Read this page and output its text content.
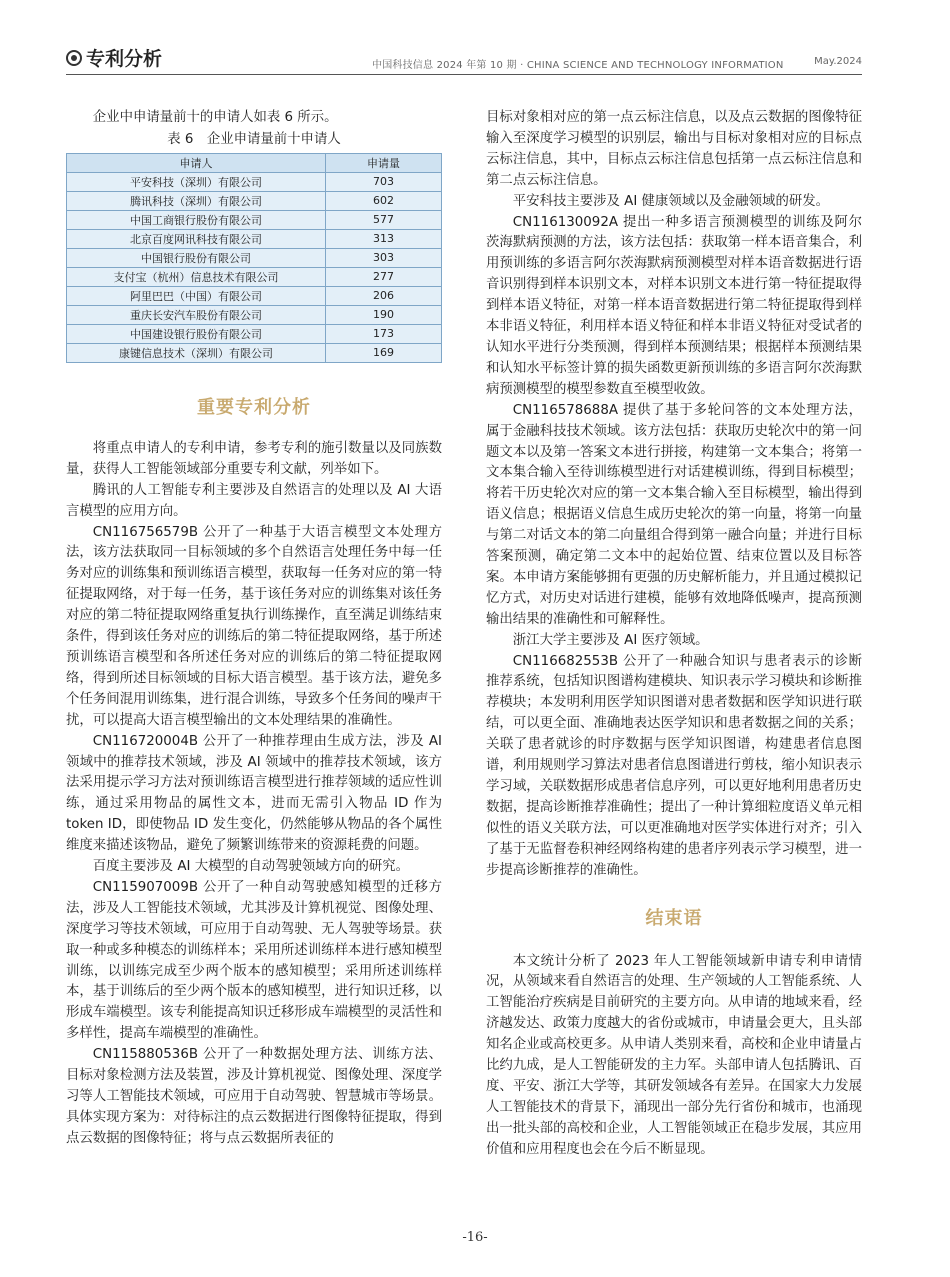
专利分析	中国科技信息 2024 年第 10 期 · CHINA SCIENCE AND TECHNOLOGY INFORMATION	May.2024

企业中申请量前十的申请人如表 6 所示。

表 6　企业申请量前十申请人
申请人	申请量
平安科技（深圳）有限公司	703
腾讯科技（深圳）有限公司	602
中国工商银行股份有限公司	577
北京百度网讯科技有限公司	313
中国银行股份有限公司	303
支付宝（杭州）信息技术有限公司	277
阿里巴巴（中国）有限公司	206
重庆长安汽车股份有限公司	190
中国建设银行股份有限公司	173
康键信息技术（深圳）有限公司	169
重要专利分析

将重点申请人的专利申请，参考专利的施引数量以及同族数量，获得人工智能领域部分重要专利文献，列举如下。

腾讯的人工智能专利主要涉及自然语言的处理以及 AI 大语言模型的应用方向。

CN116756579B 公开了一种基于大语言模型文本处理方法，该方法获取同一目标领域的多个自然语言处理任务中每一任务对应的训练集和预训练语言模型，获取每一任务对应的第一特征提取网络，对于每一任务，基于该任务对应的训练集对该任务对应的第二特征提取网络重复执行训练操作，直至满足训练结束条件，得到该任务对应的训练后的第二特征提取网络，基于所述预训练语言模型和各所述任务对应的训练后的第二特征提取网络，得到所述目标领域的目标大语言模型。基于该方法，避免多个任务间混用训练集，进行混合训练，导致多个任务间的噪声干扰，可以提高大语言模型输出的文本处理结果的准确性。

CN116720004B 公开了一种推荐理由生成方法，涉及 AI 领域中的推荐技术领域，涉及 AI 领域中的推荐技术领域，该方法采用提示学习方法对预训练语言模型进行推荐领域的适应性训练，通过采用物品的属性文本，进而无需引入物品 ID 作为 token ID，即使物品 ID 发生变化，仍然能够从物品的各个属性维度来描述该物品，避免了频繁训练带来的资源耗费的问题。

百度主要涉及 AI 大模型的自动驾驶领域方向的研究。

CN115907009B 公开了一种自动驾驶感知模型的迁移方法，涉及人工智能技术领域，尤其涉及计算机视觉、图像处理、深度学习等技术领域，可应用于自动驾驶、无人驾驶等场景。获取一种或多种模态的训练样本；采用所述训练样本进行感知模型训练，以训练完成至少两个版本的感知模型；采用所述训练样本，基于训练后的至少两个版本的感知模型，进行知识迁移，以形成车端模型。该专利能提高知识迁移形成车端模型的灵活性和多样性，提高车端模型的准确性。

CN115880536B 公开了一种数据处理方法、训练方法、目标对象检测方法及装置，涉及计算机视觉、图像处理、深度学习等人工智能技术领域，可应用于自动驾驶、智慧城市等场景。具体实现方案为：对待标注的点云数据进行图像特征提取，得到点云数据的图像特征；将与点云数据所表征的

目标对象相对应的第一点云标注信息，以及点云数据的图像特征输入至深度学习模型的识别层，输出与目标对象相对应的目标点云标注信息，其中，目标点云标注信息包括第一点云标注信息和第二点云标注信息。

平安科技主要涉及 AI 健康领域以及金融领域的研发。

CN116130092A 提出一种多语言预测模型的训练及阿尔茨海默病预测的方法，该方法包括：获取第一样本语音集合，利用预训练的多语言阿尔茨海默病预测模型对样本语音数据进行语音识别得到样本识别文本，对样本识别文本进行第一特征提取得到样本语义特征，对第一样本语音数据进行第二特征提取得到样本非语义特征，利用样本语义特征和样本非语义特征对受试者的认知水平进行分类预测，得到样本预测结果；根据样本预测结果和认知水平标签计算的损失函数更新预训练的多语言阿尔茨海默病预测模型的模型参数直至模型收敛。

CN116578688A 提供了基于多轮问答的文本处理方法，属于金融科技技术领域。该方法包括：获取历史轮次中的第一问题文本以及第一答案文本进行拼接，构建第一文本集合；将第一文本集合输入至待训练模型进行对话建模训练，得到目标模型；将若干历史轮次对应的第一文本集合输入至目标模型，输出得到语义信息；根据语义信息生成历史轮次的第一向量，将第一向量与第二对话文本的第二向量组合得到第一融合向量；并进行目标答案预测，确定第二文本中的起始位置、结束位置以及目标答案。本申请方案能够拥有更强的历史解析能力，并且通过模拟记忆方式，对历史对话进行建模，能够有效地降低噪声，提高预测输出结果的准确性和可解释性。

浙江大学主要涉及 AI 医疗领域。

CN116682553B 公开了一种融合知识与患者表示的诊断推荐系统，包括知识图谱构建模块、知识表示学习模块和诊断推荐模块；本发明利用医学知识图谱对患者数据和医学知识进行联结，可以更全面、准确地表达医学知识和患者数据之间的关系；关联了患者就诊的时序数据与医学知识图谱，构建患者信息图谱，利用规则学习算法对患者信息图谱进行剪枝，缩小知识表示学习域，关联数据形成患者信息序列，可以更好地利用患者历史数据，提高诊断推荐准确性；提出了一种计算细粒度语义单元相似性的语义关联方法，可以更准确地对医学实体进行对齐；引入了基于无监督卷积神经网络构建的患者序列表示学习模型，进一步提高诊断推荐的准确性。

结束语

本文统计分析了 2023 年人工智能领域新申请专利申请情况，从领域来看自然语言的处理、生产领域的人工智能系统、人工智能治疗疾病是目前研究的主要方向。从申请的地域来看，经济越发达、政策力度越大的省份或城市，申请量会更大，且头部知名企业或高校更多。从申请人类别来看，高校和企业申请量占比约九成，是人工智能研发的主力军。头部申请人包括腾讯、百度、平安、浙江大学等，其研发领域各有差异。在国家大力发展人工智能技术的背景下，涌现出一部分先行省份和城市，也涌现出一批头部的高校和企业，人工智能领域正在稳步发展，其应用价值和应用程度也会在今后不断显现。

-16-
